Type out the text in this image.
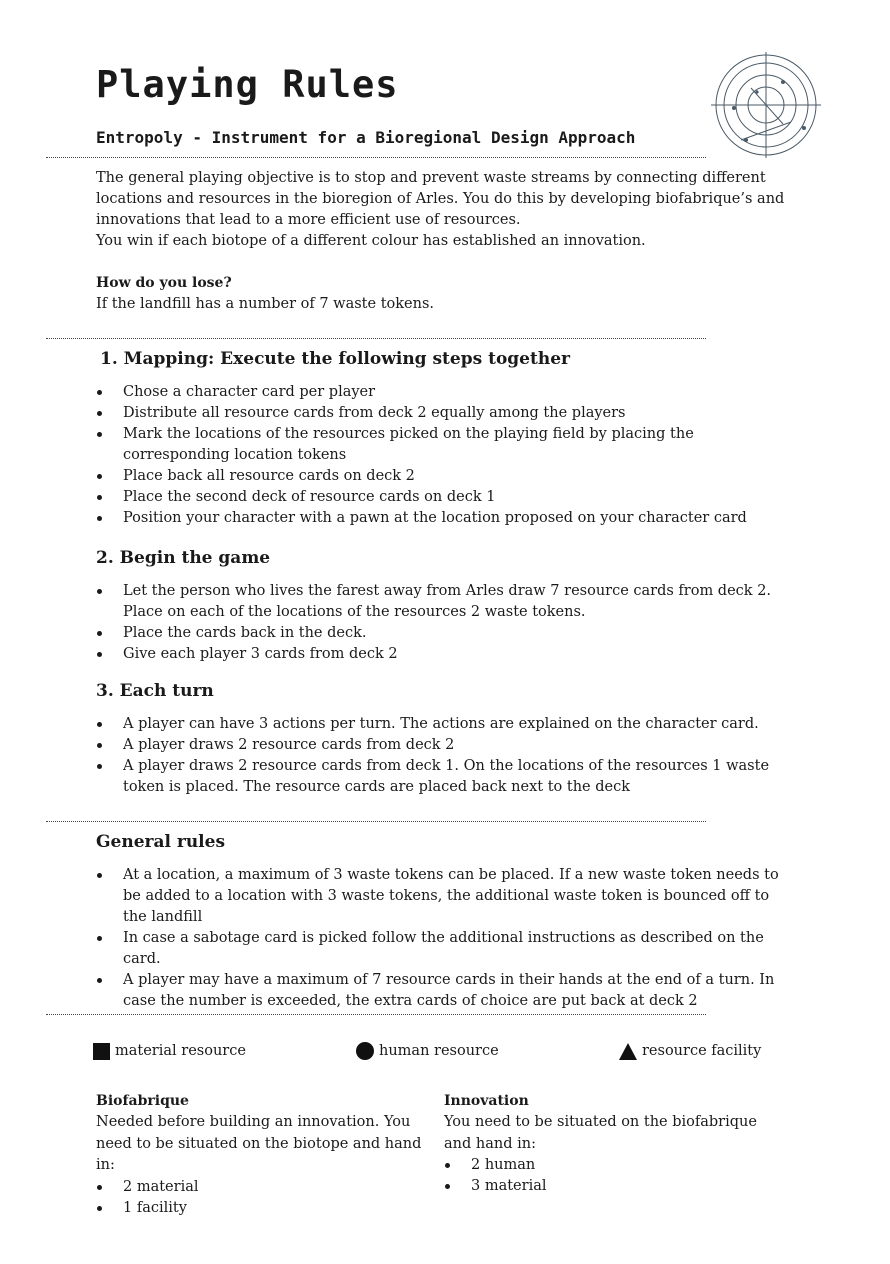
Playing Rules
Entropoly - Instrument for a Bioregional Design Approach

The general playing objective is to stop and prevent waste streams by connecting different locations and resources in the bioregion of Arles. You do this by developing biofabrique’s and innovations that lead to a more efficient use of resources.

You win if each biotope of a different colour has established an innovation.

How do you lose?

If the landfill has a number of 7 waste tokens.

1. Mapping: Execute the following steps together
Chose a character card per player
Distribute all resource cards from deck 2 equally among the players
Mark the locations of the resources picked on the playing field by placing the corresponding location tokens
Place back all resource cards on deck 2
Place the second deck of resource cards on deck 1
Position your character with a pawn at the location proposed on your character card
2. Begin the game
Let the person who lives the farest away from Arles draw 7 resource cards from deck 2. Place on each of the locations of the resources 2 waste tokens.
Place the cards back in the deck.
Give each player 3 cards from deck 2
3. Each turn
A player can have 3 actions per turn. The actions are explained on the character card.
A player draws 2 resource cards from deck 2
A player draws 2 resource cards from deck 1. On the locations of the resources 1 waste token is placed. The resource cards are placed back next to the deck
General rules
At a location, a maximum of 3 waste tokens can be placed. If a new waste token needs to be added to a location with 3 waste tokens, the additional waste token is bounced off to the landfill
In case a sabotage card is picked follow the additional instructions as described on the card.
A player may have a maximum of 7 resource cards in their hands at the end of a turn. In case the number is exceeded, the extra cards of choice are put back at deck 2
material resource	human resource	resource facility
Biofabrique

Needed before building an innovation. You need to be situated on the biotope and hand in:

2 material
1 facility
Innovation

You need to be situated on the biofabrique and hand in:

2 human
3 material
